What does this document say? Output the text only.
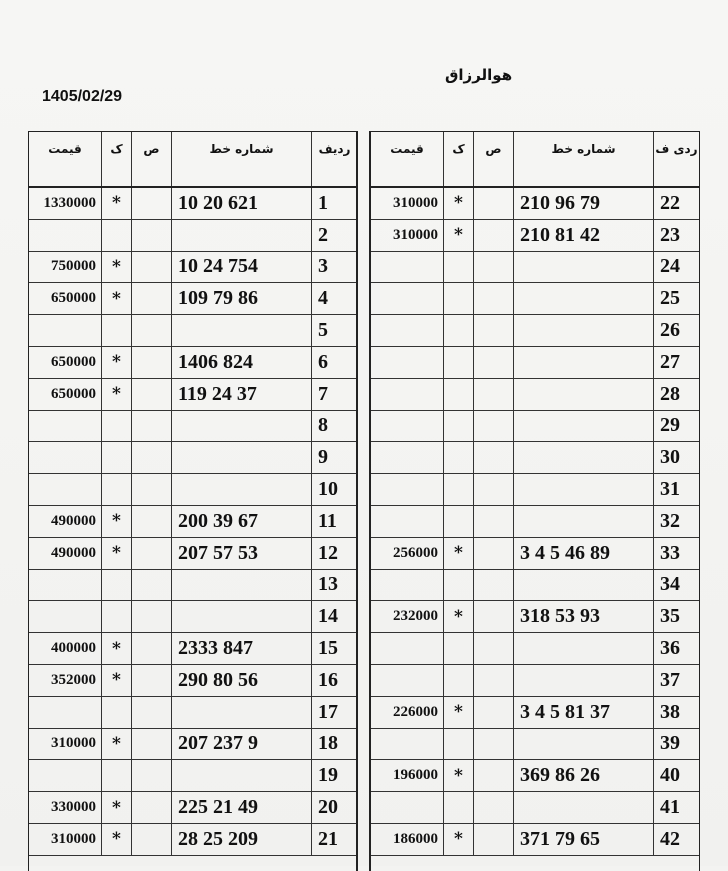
هوالرزاق
1405/02/29
قیمت	ک	ص	شماره خط	ردیف
1330000 *	10 20 621	1
2
750000 *	10 24 754	3
650000 *	109 79 86	4
5
650000 *	1406 824	6
650000 *	119 24 37	7
8
9
10
490000 *	200 39 67	11
490000 *	207 57 53	12
13
14
400000 *	2333 847	15
352000 *	290 80 56	16
17
310000 *	207 237 9	18
19
330000 *	225 21 49	20
310000 *	28 25 209	21
قیمت	ک	ص	شماره خط	ردی ف
310000 *	210 96 79	22
310000 *	210 81 42	23
24
25
26
27
28
29
30
31
32
256000 *	3 4 5 46 89	33
34
232000 *	318 53 93	35
36
37
226000 *	3 4 5 81 37	38
39
196000 *	369 86 26	40
41
186000 *	371 79 65	42
